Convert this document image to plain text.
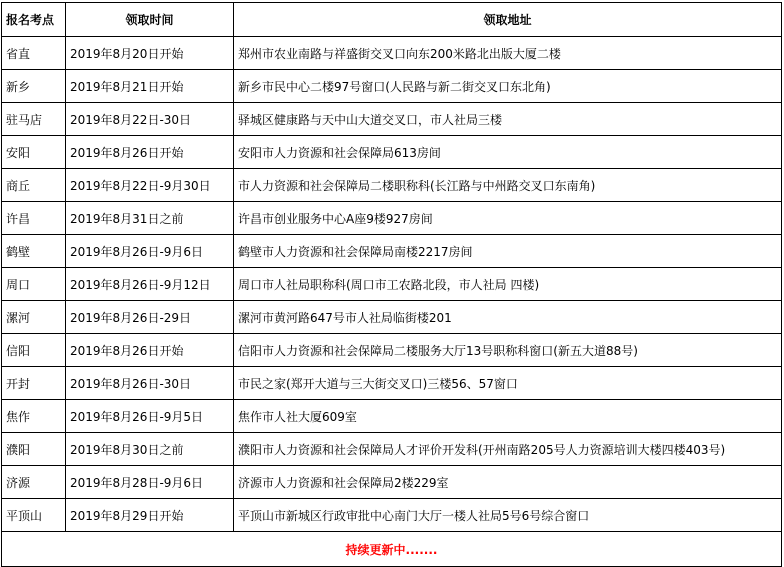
报名考点	领取时间	领取地址
省直	2019年8月20日开始	郑州市农业南路与祥盛街交叉口向东200米路北出版大厦二楼
新乡	2019年8月21日开始	新乡市民中心二楼97号窗口(人民路与新二街交叉口东北角)
驻马店	2019年8月22日-30日	驿城区健康路与天中山大道交叉口，市人社局三楼
安阳	2019年8月26日开始	安阳市人力资源和社会保障局613房间
商丘	2019年8月22日-9月30日	市人力资源和社会保障局二楼职称科(长江路与中州路交叉口东南角)
许昌	2019年8月31日之前	许昌市创业服务中心A座9楼927房间
鹤壁	2019年8月26日-9月6日	鹤壁市人力资源和社会保障局南楼2217房间
周口	2019年8月26日-9月12日	周口市人社局职称科(周口市工农路北段，市人社局 四楼)
漯河	2019年8月26日-29日	漯河市黄河路647号市人社局临街楼201
信阳	2019年8月26日开始	信阳市人力资源和社会保障局二楼服务大厅13号职称科窗口(新五大道88号)
开封	2019年8月26日-30日	市民之家(郑开大道与三大街交叉口)三楼56、57窗口
焦作	2019年8月26日-9月5日	焦作市人社大厦609室
濮阳	2019年8月30日之前	濮阳市人力资源和社会保障局人才评价开发科(开州南路205号人力资源培训大楼四楼403号)
济源	2019年8月28日-9月6日	济源市人力资源和社会保障局2楼229室
平顶山	2019年8月29日开始	平顶山市新城区行政审批中心南门大厅一楼人社局5号6号综合窗口
持续更新中.......		
